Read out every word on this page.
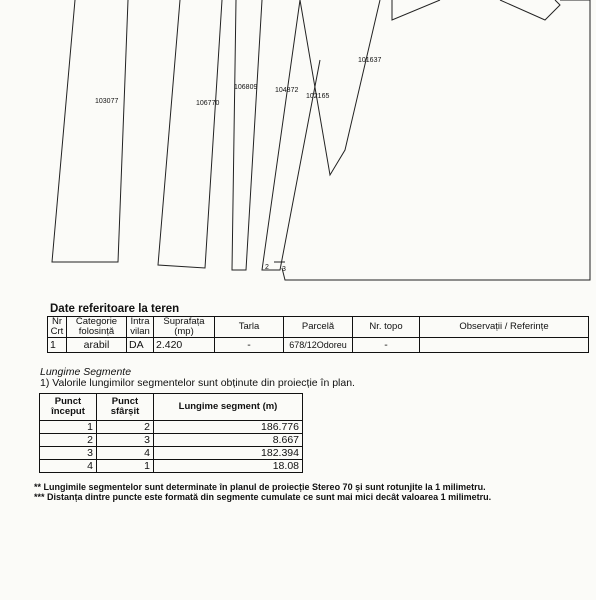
103077	106770
106809	104872
102165
101637
2 3
Date referitoare la teren
Nr Crt	Categorie folosință	Intra vilan	Suprafața (mp)	Tarla	Parcelă	Nr. topo	Observații / Referințe
1	arabil	DA	2.420	-	678/12Odoreu	-	
Lungime Segmente
1) Valorile lungimilor segmentelor sunt obținute din proiecție în plan.
Punct început	Punct sfârșit	Lungime segment (m)
1	2	186.776
2	3	8.667
3	4	182.394
4	1	18.08
** Lungimile segmentelor sunt determinate în planul de proiecție Stereo 70 și sunt rotunjite la 1 milimetru.
*** Distanța dintre puncte este formată din segmente cumulate ce sunt mai mici decât valoarea 1 milimetru.
